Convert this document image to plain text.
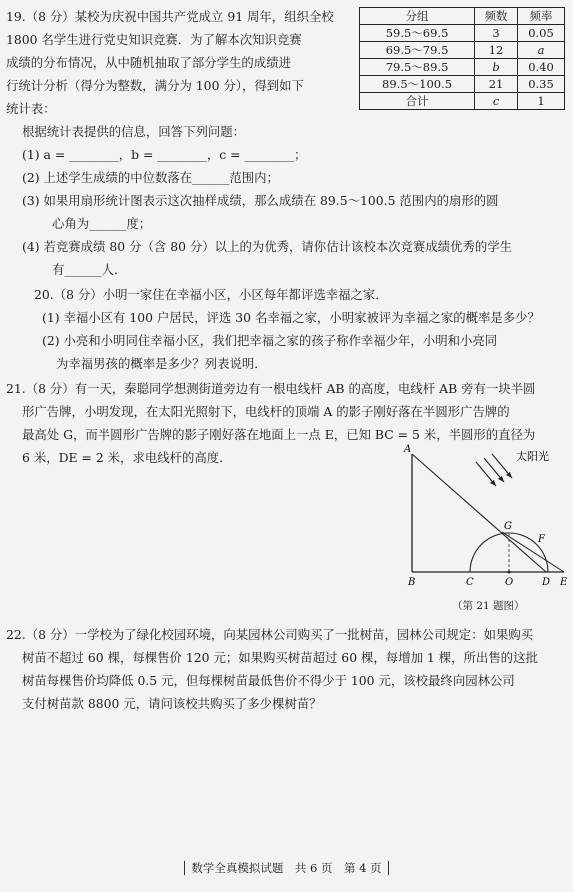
19.（8 分）某校为庆祝中国共产党成立 91 周年，组织全校
1800 名学生进行党史知识竞赛．为了解本次知识竞赛
成绩的分布情况，从中随机抽取了部分学生的成绩进
行统计分析（得分为整数，满分为 100 分），得到如下
统计表：
分组	频数	频率
59.5～69.5	3	0.05
69.5～79.5	12	a
79.5～89.5	b	0.40
89.5～100.5	21	0.35
合计	c	1
根据统计表提供的信息，回答下列问题：
(1) a = ________，b = ________，c = ________；
(2) 上述学生成绩的中位数落在______范围内；
(3) 如果用扇形统计图表示这次抽样成绩，那么成绩在 89.5～100.5 范围内的扇形的圆
心角为______度；
(4) 若竞赛成绩 80 分（含 80 分）以上的为优秀，请你估计该校本次竞赛成绩优秀的学生
有______人．
20.（8 分）小明一家住在幸福小区，小区每年都评选幸福之家．
(1) 幸福小区有 100 户居民，评选 30 名幸福之家，小明家被评为幸福之家的概率是多少？
(2) 小亮和小明同住幸福小区，我们把幸福之家的孩子称作幸福少年，小明和小亮同
为幸福男孩的概率是多少？列表说明．
21.（8 分）有一天，秦聪同学想测街道旁边有一根电线杆 AB 的高度，电线杆 AB 旁有一块半圆
形广告牌，小明发现，在太阳光照射下，电线杆的顶端 A 的影子刚好落在半圆形广告牌的
最高处 G，而半圆形广告牌的影子刚好落在地面上一点 E，已知 BC = 5 米，半圆形的直径为
6 米，DE = 2 米，求电线杆的高度．	太阳光
A
G
F
B	C	O	D E
（第 21 题图）
22.（8 分）一学校为了绿化校园环境，向某园林公司购买了一批树苗，园林公司规定：如果购买
树苗不超过 60 棵，每棵售价 120 元；如果购买树苗超过 60 棵，每增加 1 棵，所出售的这批
树苗每棵售价均降低 0.5 元，但每棵树苗最低售价不得少于 100 元，该校最终向园林公司
支付树苗款 8800 元，请问该校共购买了多少棵树苗？
数学全真模拟试题　共 6 页　第 4 页
